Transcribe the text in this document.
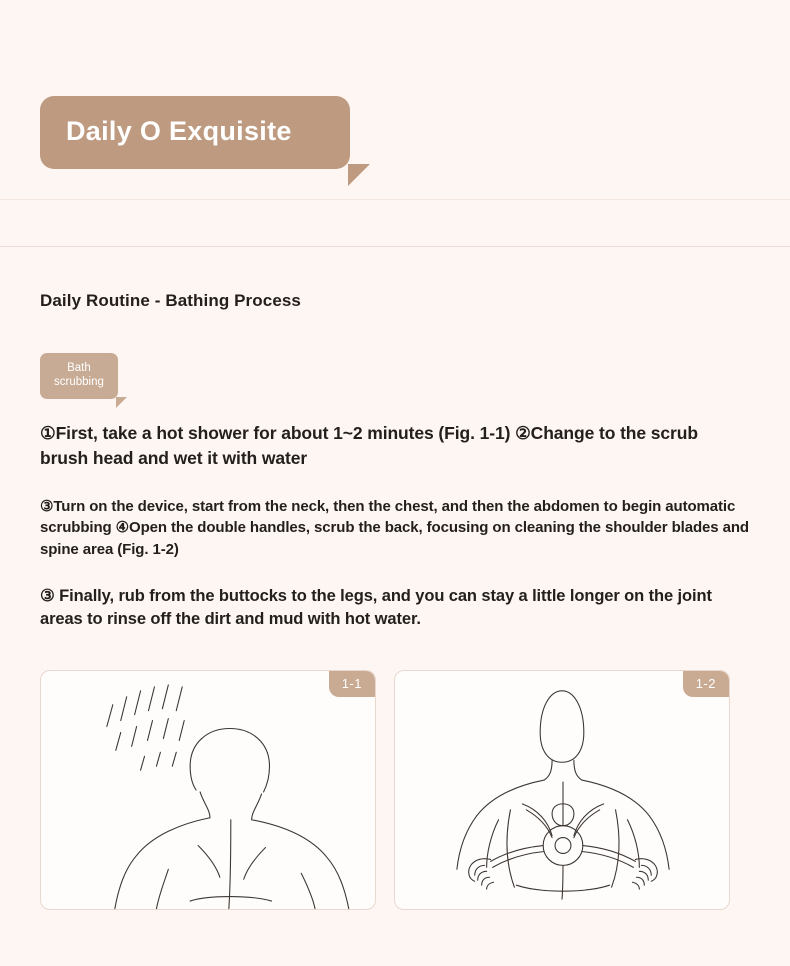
Daily O Exquisite
Daily Routine - Bathing Process
Bath
scrubbing

①First, take a hot shower for about 1~2 minutes (Fig. 1-1) ②Change to the scrub brush head and wet it with water

③Turn on the device, start from the neck, then the chest, and then the abdomen to begin automatic scrubbing ④Open the double handles, scrub the back, focusing on cleaning the shoulder blades and spine area (Fig. 1-2)

③ Finally, rub from the buttocks to the legs, and you can stay a little longer on the joint areas to rinse off the dirt and mud with hot water.

1-1	1-2
